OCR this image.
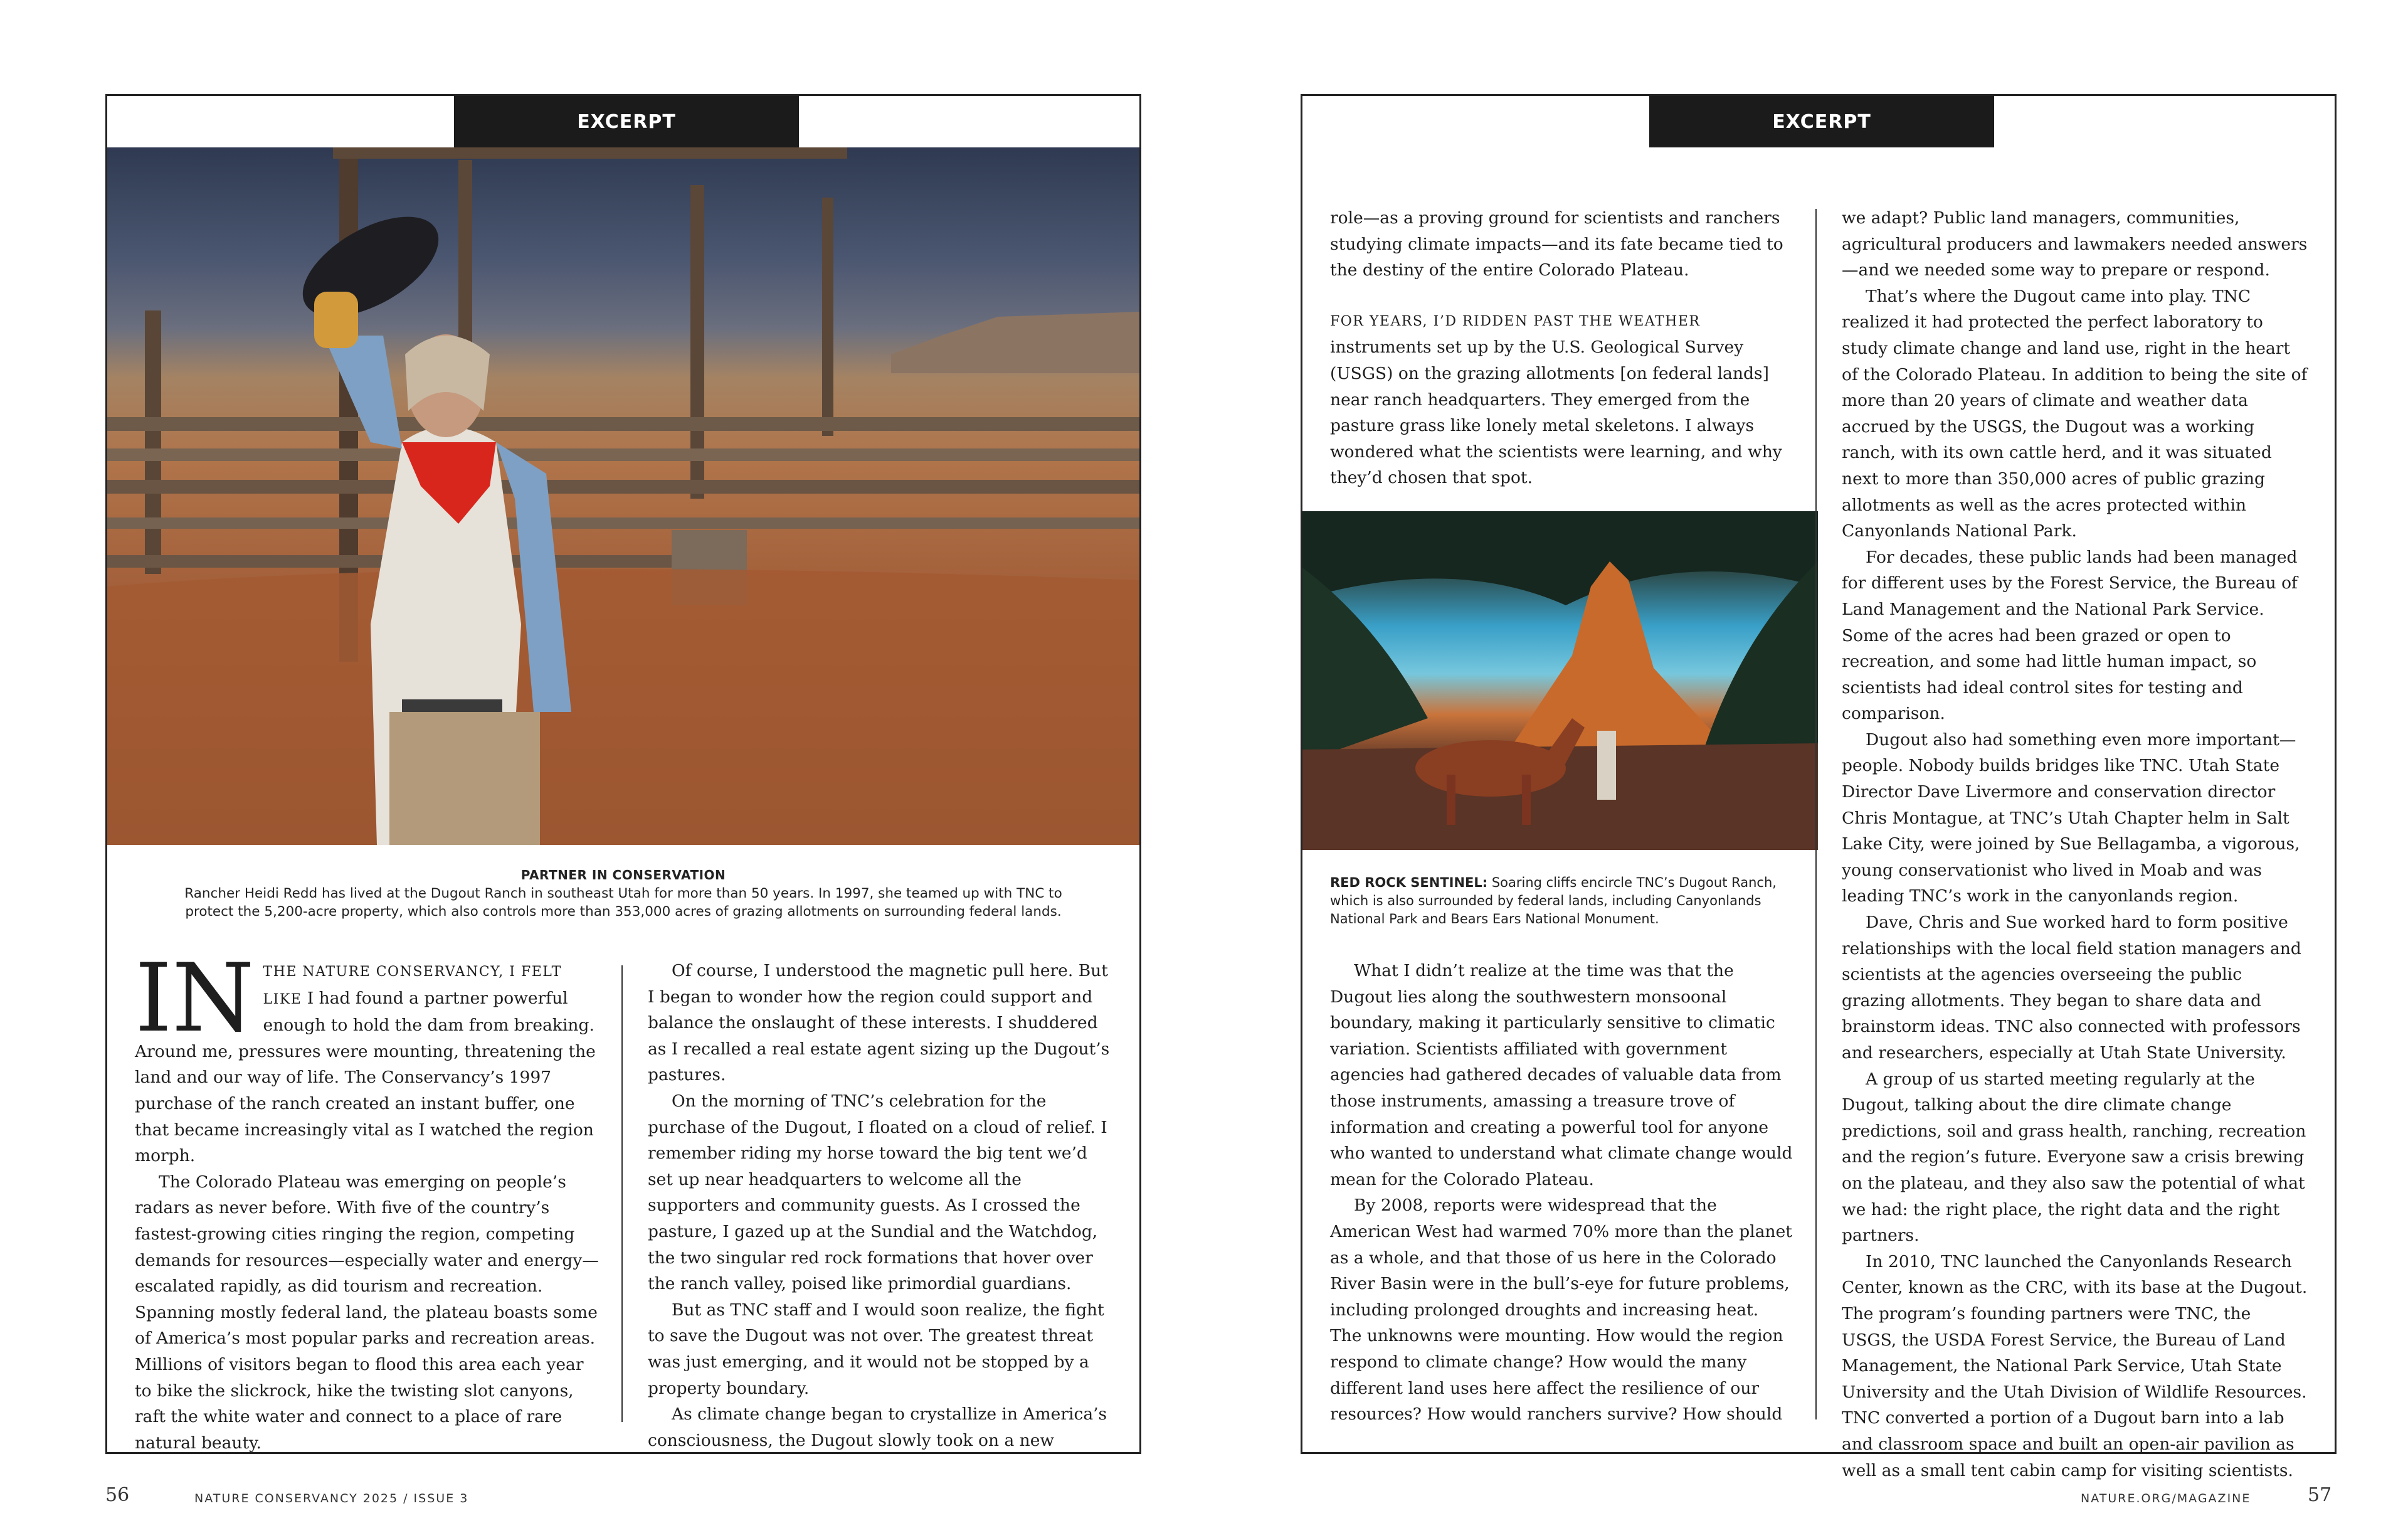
EXCERPT
PARTNER IN CONSERVATION
Rancher Heidi Redd has lived at the Dugout Ranch in southeast Utah for more than 50 years. In 1997, she teamed up with TNC to protect the 5,200-acre property, which also controls more than 353,000 acres of grazing allotments on surrounding federal lands.

IN THE NATURE CONSERVANCY, I FELT LIKE I had found a partner powerful enough to hold the dam from breaking. Around me, pressures were mounting, threatening the land and our way of life. The Conservancy’s 1997 purchase of the ranch created an instant buffer, one that became increasingly vital as I watched the region morph.

The Colorado Plateau was emerging on people’s radars as never before. With five of the country’s fastest-growing cities ringing the region, competing demands for resources—especially water and energy—escalated rapidly, as did tourism and recreation. Spanning mostly federal land, the plateau boasts some of America’s most popular parks and recreation areas. Millions of visitors began to flood this area each year to bike the slickrock, hike the twisting slot canyons, raft the white water and connect to a place of rare natural beauty.

Of course, I understood the magnetic pull here. But I began to wonder how the region could support and balance the onslaught of these interests. I shuddered as I recalled a real estate agent sizing up the Dugout’s pastures.

On the morning of TNC’s celebration for the purchase of the Dugout, I floated on a cloud of relief. I remember riding my horse toward the big tent we’d set up near headquarters to welcome all the supporters and community guests. As I crossed the pasture, I gazed up at the Sundial and the Watchdog, the two singular red rock formations that hover over the ranch valley, poised like primordial guardians.

But as TNC staff and I would soon realize, the fight to save the Dugout was not over. The greatest threat was just emerging, and it would not be stopped by a property boundary.

As climate change began to crystallize in America’s consciousness, the Dugout slowly took on a new

EXCERPT

role—as a proving ground for scientists and ranchers studying climate impacts—and its fate became tied to the destiny of the entire Colorado Plateau.

FOR YEARS, I’D RIDDEN PAST THE WEATHER instruments set up by the U.S. Geological Survey (USGS) on the grazing allotments [on federal lands] near ranch headquarters. They emerged from the pasture grass like lonely metal skeletons. I always wondered what the scientists were learning, and why they’d chosen that spot.

RED ROCK SENTINEL: Soaring cliffs encircle TNC’s Dugout Ranch, which is also surrounded by federal lands, including Canyonlands National Park and Bears Ears National Monument.

What I didn’t realize at the time was that the Dugout lies along the southwestern monsoonal boundary, making it particularly sensitive to climatic variation. Scientists affiliated with government agencies had gathered decades of valuable data from those instruments, amassing a treasure trove of information and creating a powerful tool for anyone who wanted to understand what climate change would mean for the Colorado Plateau.

By 2008, reports were widespread that the American West had warmed 70% more than the planet as a whole, and that those of us here in the Colorado River Basin were in the bull’s-eye for future problems, including prolonged droughts and increasing heat. The unknowns were mounting. How would the region respond to climate change? How would the many different land uses here affect the resilience of our resources? How would ranchers survive? How should

we adapt? Public land managers, communities, agricultural producers and lawmakers needed answers—and we needed some way to prepare or respond.

That’s where the Dugout came into play. TNC realized it had protected the perfect laboratory to study climate change and land use, right in the heart of the Colorado Plateau. In addition to being the site of more than 20 years of climate and weather data accrued by the USGS, the Dugout was a working ranch, with its own cattle herd, and it was situated next to more than 350,000 acres of public grazing allotments as well as the acres protected within Canyonlands National Park.

For decades, these public lands had been managed for different uses by the Forest Service, the Bureau of Land Management and the National Park Service. Some of the acres had been grazed or open to recreation, and some had little human impact, so scientists had ideal control sites for testing and comparison.

Dugout also had something even more important—people. Nobody builds bridges like TNC. Utah State Director Dave Livermore and conservation director Chris Montague, at TNC’s Utah Chapter helm in Salt Lake City, were joined by Sue Bellagamba, a vigorous, young conservationist who lived in Moab and was leading TNC’s work in the canyonlands region.

Dave, Chris and Sue worked hard to form positive relationships with the local field station managers and scientists at the agencies overseeing the public grazing allotments. They began to share data and brainstorm ideas. TNC also connected with professors and researchers, especially at Utah State University.

A group of us started meeting regularly at the Dugout, talking about the dire climate change predictions, soil and grass health, ranching, recreation and the region’s future. Everyone saw a crisis brewing on the plateau, and they also saw the potential of what we had: the right place, the right data and the right partners.

In 2010, TNC launched the Canyonlands Research Center, known as the CRC, with its base at the Dugout. The program’s founding partners were TNC, the USGS, the USDA Forest Service, the Bureau of Land Management, the National Park Service, Utah State University and the Utah Division of Wildlife Resources. TNC converted a portion of a Dugout barn into a lab and classroom space and built an open-air pavilion as well as a small tent cabin camp for visiting scientists.

56	NATURE CONSERVANCY 2025 / ISSUE 3	NATURE.ORG/MAGAZINE	57
